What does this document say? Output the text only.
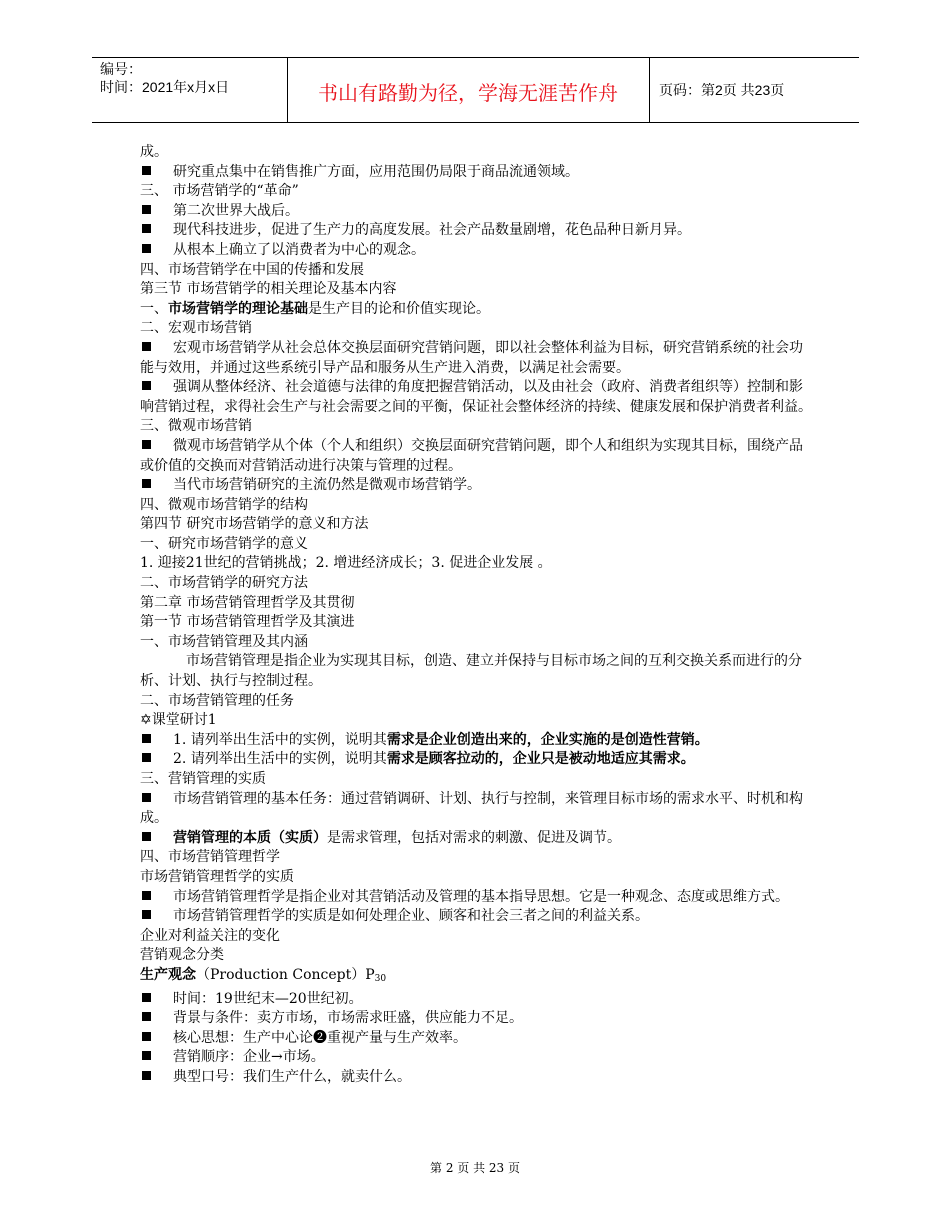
编号：
时间：2021年x月x日	书山有路勤为径，学海无涯苦作舟	页码：第2页 共23页

成。

研究重点集中在销售推广方面，应用范围仍局限于商品流通领域。

三、 市场营销学的“革命”

第二次世界大战后。

现代科技进步，促进了生产力的高度发展。社会产品数量剧增，花色品种日新月异。

从根本上确立了以消费者为中心的观念。

四、市场营销学在中国的传播和发展

第三节 市场营销学的相关理论及基本内容

一、市场营销学的理论基础是生产目的论和价值实现论。

二、宏观市场营销

宏观市场营销学从社会总体交换层面研究营销问题，即以社会整体利益为目标，研究营销系统的社会功能与效用，并通过这些系统引导产品和服务从生产进入消费，以满足社会需要。

强调从整体经济、社会道德与法律的角度把握营销活动，以及由社会（政府、消费者组织等）控制和影响营销过程，求得社会生产与社会需要之间的平衡，保证社会整体经济的持续、健康发展和保护消费者利益。

三、微观市场营销

微观市场营销学从个体（个人和组织）交换层面研究营销问题，即个人和组织为实现其目标，围绕产品或价值的交换而对营销活动进行决策与管理的过程。

当代市场营销研究的主流仍然是微观市场营销学。

四、微观市场营销学的结构

第四节 研究市场营销学的意义和方法

一、研究市场营销学的意义

1. 迎接21世纪的营销挑战；2. 增进经济成长；3. 促进企业发展 。

二、市场营销学的研究方法

第二章 市场营销管理哲学及其贯彻

第一节 市场营销管理哲学及其演进

一、市场营销管理及其内涵

市场营销管理是指企业为实现其目标，创造、建立并保持与目标市场之间的互利交换关系而进行的分析、计划、执行与控制过程。

二、市场营销管理的任务

✡课堂研讨1

1. 请列举出生活中的实例，说明其需求是企业创造出来的，企业实施的是创造性营销。

2. 请列举出生活中的实例，说明其需求是顾客拉动的，企业只是被动地适应其需求。

三、营销管理的实质

市场营销管理的基本任务：通过营销调研、计划、执行与控制，来管理目标市场的需求水平、时机和构成。

营销管理的本质（实质）是需求管理，包括对需求的刺激、促进及调节。

四、市场营销管理哲学

市场营销管理哲学的实质

市场营销管理哲学是指企业对其营销活动及管理的基本指导思想。它是一种观念、态度或思维方式。

市场营销管理哲学的实质是如何处理企业、顾客和社会三者之间的利益关系。

企业对利益关注的变化

营销观念分类

生产观念（Production $Concept)P_{30}$

时间：19世纪末—20世纪初。

背景与条件：卖方市场，市场需求旺盛，供应能力不足。

核心思想：生产中心论➋重视产量与生产效率。

营销顺序：企业→市场。

典型口号：我们生产什么，就卖什么。

第 2 页 共 23 页
